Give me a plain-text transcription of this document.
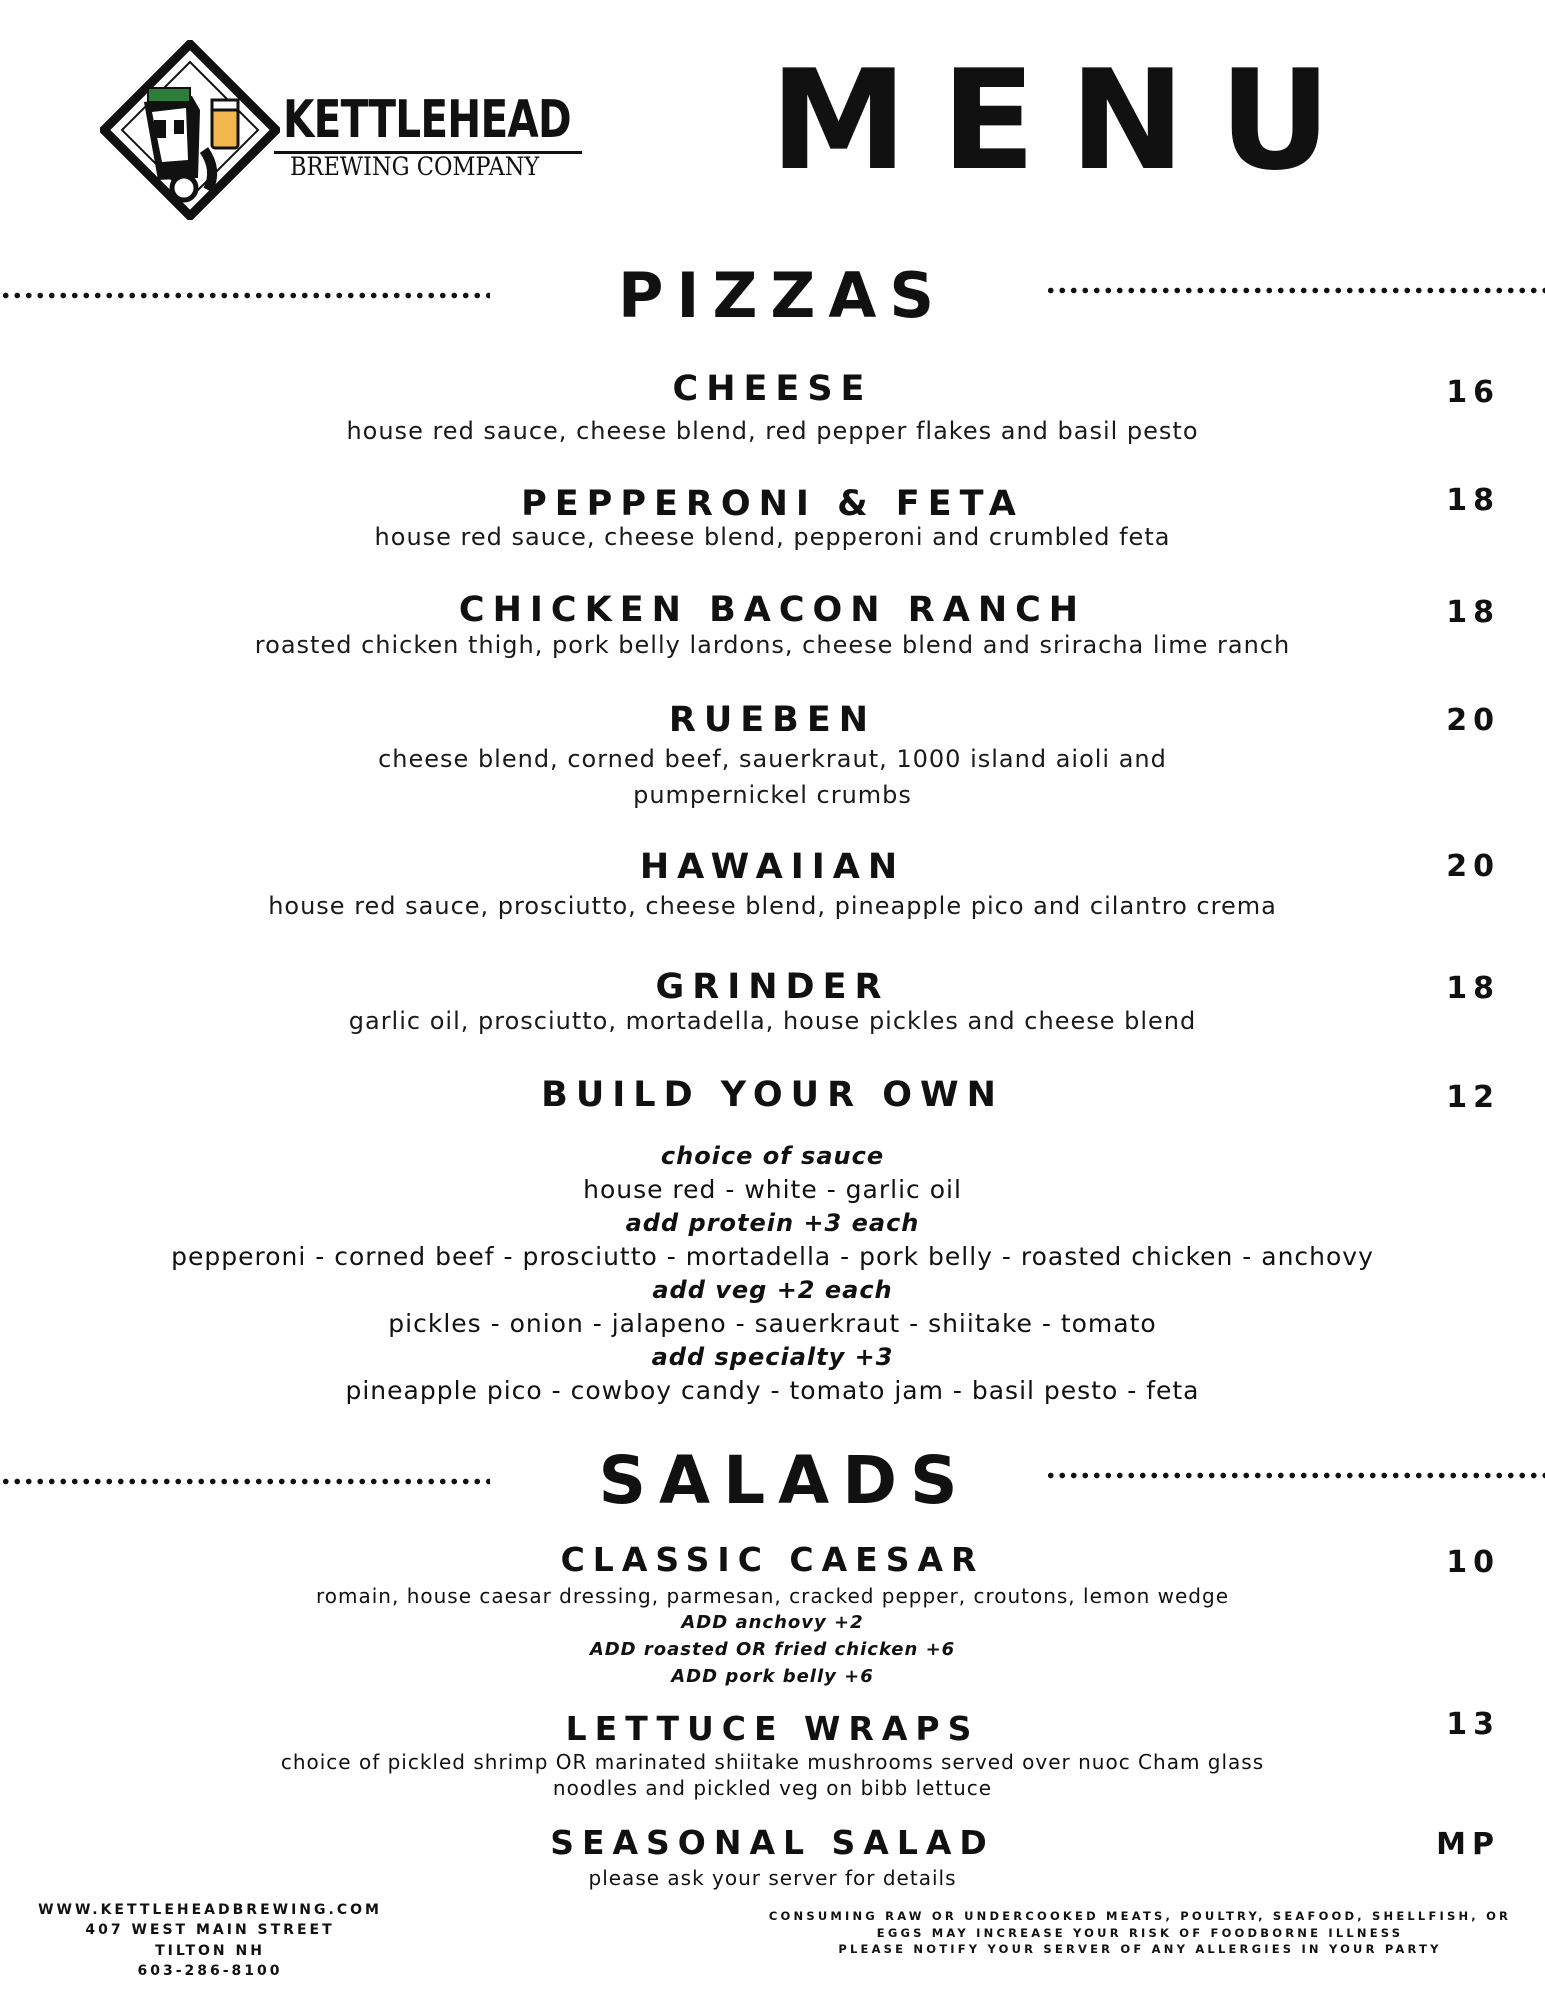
KETTLEHEAD
BREWING COMPANY MENU
PIZZAS
CHEESE
house red sauce, cheese blend, red pepper flakes and basil pesto
16
PEPPERONI & FETA
house red sauce, cheese blend, pepperoni and crumbled feta
18
CHICKEN BACON RANCH
roasted chicken thigh, pork belly lardons, cheese blend and sriracha lime ranch
18
RUEBEN
cheese blend, corned beef, sauerkraut, 1000 island aioli and
pumpernickel crumbs
20
HAWAIIAN
house red sauce, prosciutto, cheese blend, pineapple pico and cilantro crema
20
GRINDER
garlic oil, prosciutto, mortadella, house pickles and cheese blend
18
BUILD YOUR OWN	12
choice of sauce
house red - white - garlic oil
add protein +3 each
pepperoni - corned beef - prosciutto - mortadella - pork belly - roasted chicken - anchovy
add veg +2 each
pickles - onion - jalapeno - sauerkraut - shiitake - tomato
add specialty +3
pineapple pico - cowboy candy - tomato jam - basil pesto - feta
SALADS
CLASSIC CAESAR	10
romain, house caesar dressing, parmesan, cracked pepper, croutons, lemon wedge
ADD anchovy +2
ADD roasted OR fried chicken +6
ADD pork belly +6
LETTUCE WRAPS	13
choice of pickled shrimp OR marinated shiitake mushrooms served over nuoc Cham glass
noodles and pickled veg on bibb lettuce
SEASONAL SALAD	MP
please ask your server for details
WWW.KETTLEHEADBREWING.COM
407 WEST MAIN STREET
TILTON NH
603-286-8100
CONSUMING RAW OR UNDERCOOKED MEATS, POULTRY, SEAFOOD, SHELLFISH, OR
EGGS MAY INCREASE YOUR RISK OF FOODBORNE ILLNESS
PLEASE NOTIFY YOUR SERVER OF ANY ALLERGIES IN YOUR PARTY
